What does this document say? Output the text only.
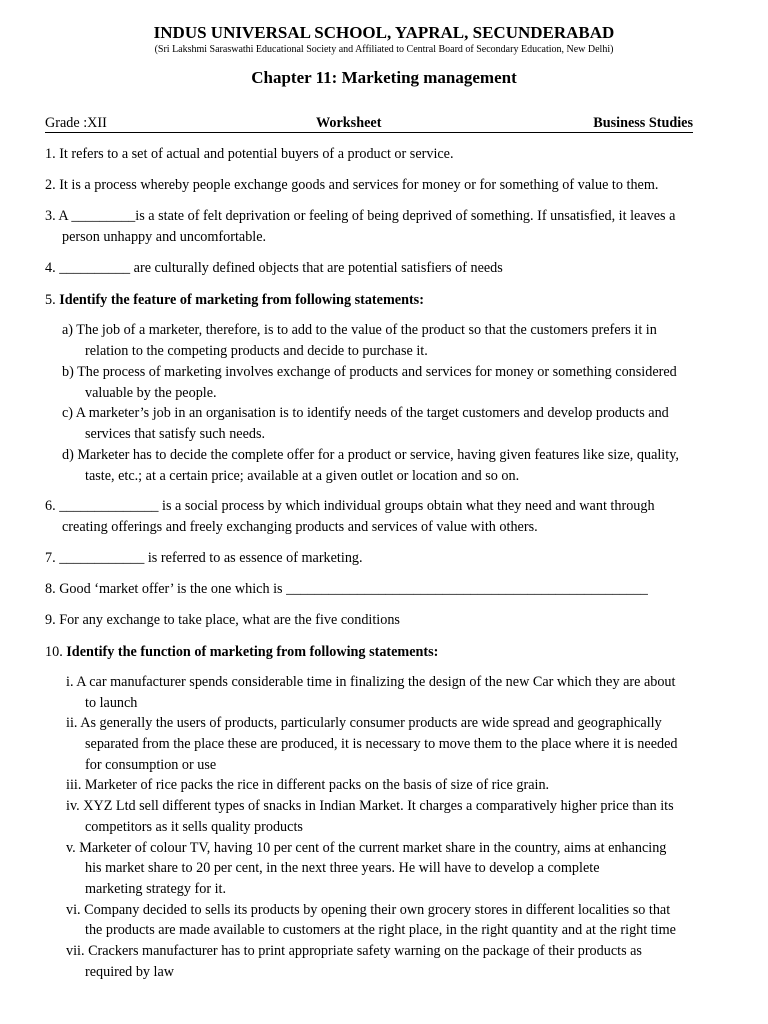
INDUS UNIVERSAL SCHOOL, YAPRAL, SECUNDERABAD
(Sri Lakshmi Saraswathi Educational Society and Affiliated to Central Board of Secondary Education, New Delhi)
Chapter 11: Marketing management
Grade :XII	Worksheet	Business Studies
1. It refers to a set of actual and potential buyers of a product or service.
2. It is a process whereby people exchange goods and services for money or for something of value to them.
3. A _________is a state of felt deprivation or feeling of being deprived of something. If unsatisfied, it leaves a
person unhappy and uncomfortable.
4. __________ are culturally defined objects that are potential satisfiers of needs
5. Identify the feature of marketing from following statements:
a) The job of a marketer, therefore, is to add to the value of the product so that the customers prefers it in
relation to the competing products and decide to purchase it.
b) The process of marketing involves exchange of products and services for money or something considered
valuable by the people.
c) A marketer’s job in an organisation is to identify needs of the target customers and develop products and
services that satisfy such needs.
d) Marketer has to decide the complete offer for a product or service, having given features like size, quality,
taste, etc.; at a certain price; available at a given outlet or location and so on.
6. ______________ is a social process by which individual groups obtain what they need and want through
creating offerings and freely exchanging products and services of value with others.
7. ____________ is referred to as essence of marketing.
8. Good ‘market offer’ is the one which is ___________________________________________________
9. For any exchange to take place, what are the five conditions
10. Identify the function of marketing from following statements:
i. A car manufacturer spends considerable time in finalizing the design of the new Car which they are about
to launch
ii. As generally the users of products, particularly consumer products are wide spread and geographically
separated from the place these are produced, it is necessary to move them to the place where it is needed
for consumption or use
iii. Marketer of rice packs the rice in different packs on the basis of size of rice grain.
iv. XYZ Ltd sell different types of snacks in Indian Market. It charges a comparatively higher price than its
competitors as it sells quality products
v. Marketer of colour TV, having 10 per cent of the current market share in the country, aims at enhancing
his market share to 20 per cent, in the next three years. He will have to develop a complete
marketing strategy for it.
vi. Company decided to sells its products by opening their own grocery stores in different localities so that
the products are made available to customers at the right place, in the right quantity and at the right time
vii. Crackers manufacturer has to print appropriate safety warning on the package of their products as
required by law
